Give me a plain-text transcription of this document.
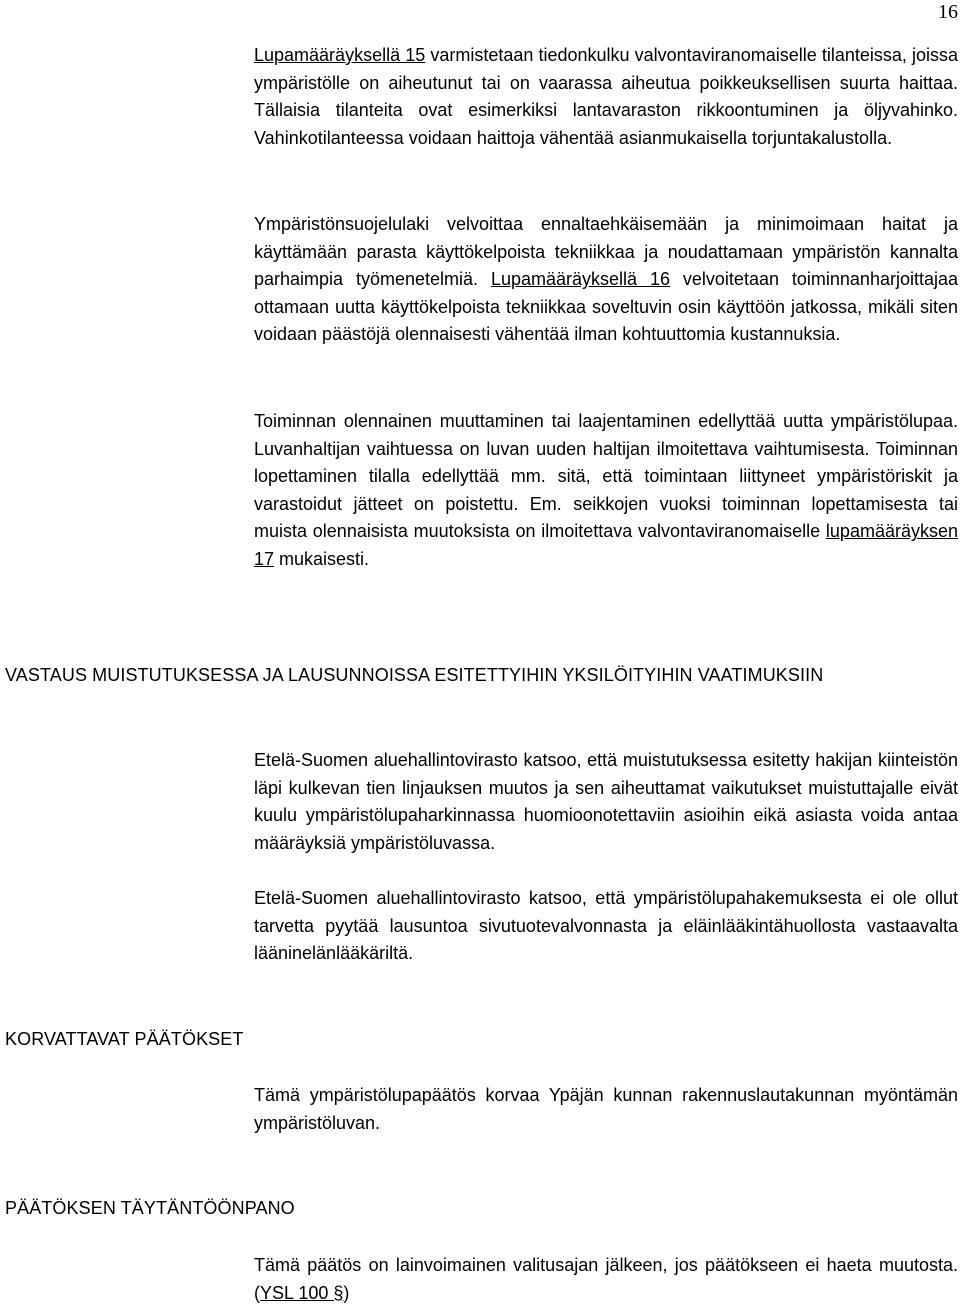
16

Lupamääräyksellä 15 varmistetaan tiedonkulku valvontaviranomaiselle tilanteissa, joissa ympäristölle on aiheutunut tai on vaarassa aiheutua poikkeuksellisen suurta haittaa. Tällaisia tilanteita ovat esimerkiksi lantavaraston rikkoontuminen ja öljyvahinko. Vahinkotilanteessa voidaan haittoja vähentää asianmukaisella torjuntakalustolla.

Ympäristönsuojelulaki velvoittaa ennaltaehkäisemään ja minimoimaan haitat ja käyttämään parasta käyttökelpoista tekniikkaa ja noudattamaan ympäristön kannalta parhaimpia työmenetelmiä. Lupamääräyksellä 16 velvoitetaan toiminnanharjoittajaa ottamaan uutta käyttökelpoista tekniikkaa soveltuvin osin käyttöön jatkossa, mikäli siten voidaan päästöjä olennaisesti vähentää ilman kohtuuttomia kustannuksia.

Toiminnan olennainen muuttaminen tai laajentaminen edellyttää uutta ympäristölupaa. Luvanhaltijan vaihtuessa on luvan uuden haltijan ilmoitettava vaihtumisesta. Toiminnan lopettaminen tilalla edellyttää mm. sitä, että toimintaan liittyneet ympäristöriskit ja varastoidut jätteet on poistettu. Em. seikkojen vuoksi toiminnan lopettamisesta tai muista olennaisista muutoksista on ilmoitettava valvontaviranomaiselle lupamääräyksen 17 mukaisesti.

VASTAUS MUISTUTUKSESSA JA LAUSUNNOISSA ESITETTYIHIN YKSILÖITYIHIN VAATIMUKSIIN

Etelä-Suomen aluehallintovirasto katsoo, että muistutuksessa esitetty hakijan kiinteistön läpi kulkevan tien linjauksen muutos ja sen aiheuttamat vaikutukset muistuttajalle eivät kuulu ympäristölupaharkinnassa huomioonotettaviin asioihin eikä asiasta voida antaa määräyksiä ympäristöluvassa.

Etelä-Suomen aluehallintovirasto katsoo, että ympäristölupahakemuksesta ei ole ollut tarvetta pyytää lausuntoa sivutuotevalvonnasta ja eläinlääkintähuollosta vastaavalta lääninelänlääkäriltä.

KORVATTAVAT PÄÄTÖKSET

Tämä ympäristölupapäätös korvaa Ypäjän kunnan rakennuslautakunnan myöntämän ympäristöluvan.

PÄÄTÖKSEN TÄYTÄNTÖÖNPANO

Tämä päätös on lainvoimainen valitusajan jälkeen, jos päätökseen ei haeta muutosta. (YSL 100 §)
